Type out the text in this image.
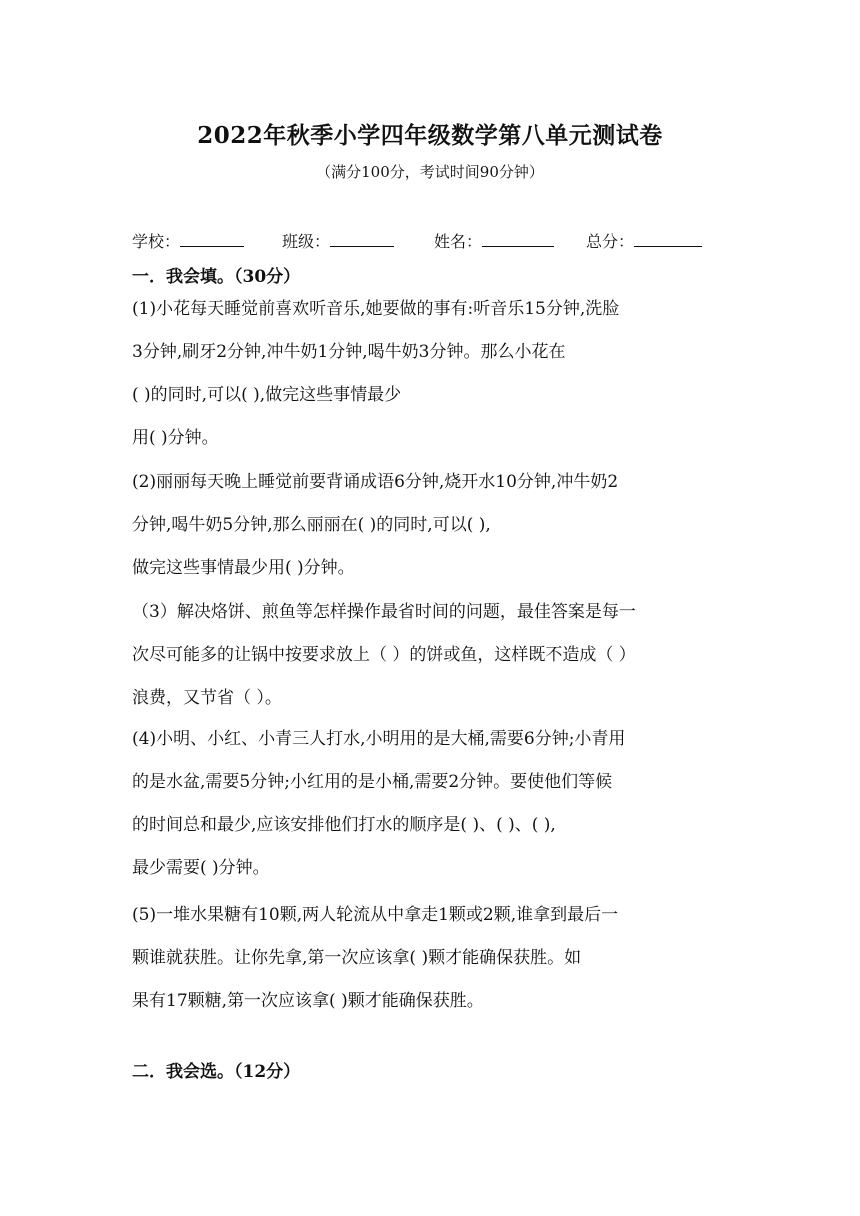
2022年秋季小学四年级数学第八单元测试卷
（满分100分，考试时间90分钟）
学校：	班级：	姓名：	总分：
一．我会填。（30分）

(1)小花每天睡觉前喜欢听音乐,她要做的事有:听音乐15分钟,洗脸

3分钟,刷牙2分钟,冲牛奶1分钟,喝牛奶3分钟。那么小花在

( )的同时,可以( ),做完这些事情最少

用( )分钟。

(2)丽丽每天晚上睡觉前要背诵成语6分钟,烧开水10分钟,冲牛奶2

分钟,喝牛奶5分钟,那么丽丽在( )的同时,可以( ),

做完这些事情最少用( )分钟。

（3）解决烙饼、煎鱼等怎样操作最省时间的问题，最佳答案是每一

次尽可能多的让锅中按要求放上（ ）的饼或鱼，这样既不造成（ ）

浪费，又节省（ ）。

(4)小明、小红、小青三人打水,小明用的是大桶,需要6分钟;小青用

的是水盆,需要5分钟;小红用的是小桶,需要2分钟。要使他们等候

的时间总和最少,应该安排他们打水的顺序是( )、( )、( ),

最少需要( )分钟。

(5)一堆水果糖有10颗,两人轮流从中拿走1颗或2颗,谁拿到最后一

颗谁就获胜。让你先拿,第一次应该拿( )颗才能确保获胜。如

果有17颗糖,第一次应该拿( )颗才能确保获胜。

二．我会选。（12分）
